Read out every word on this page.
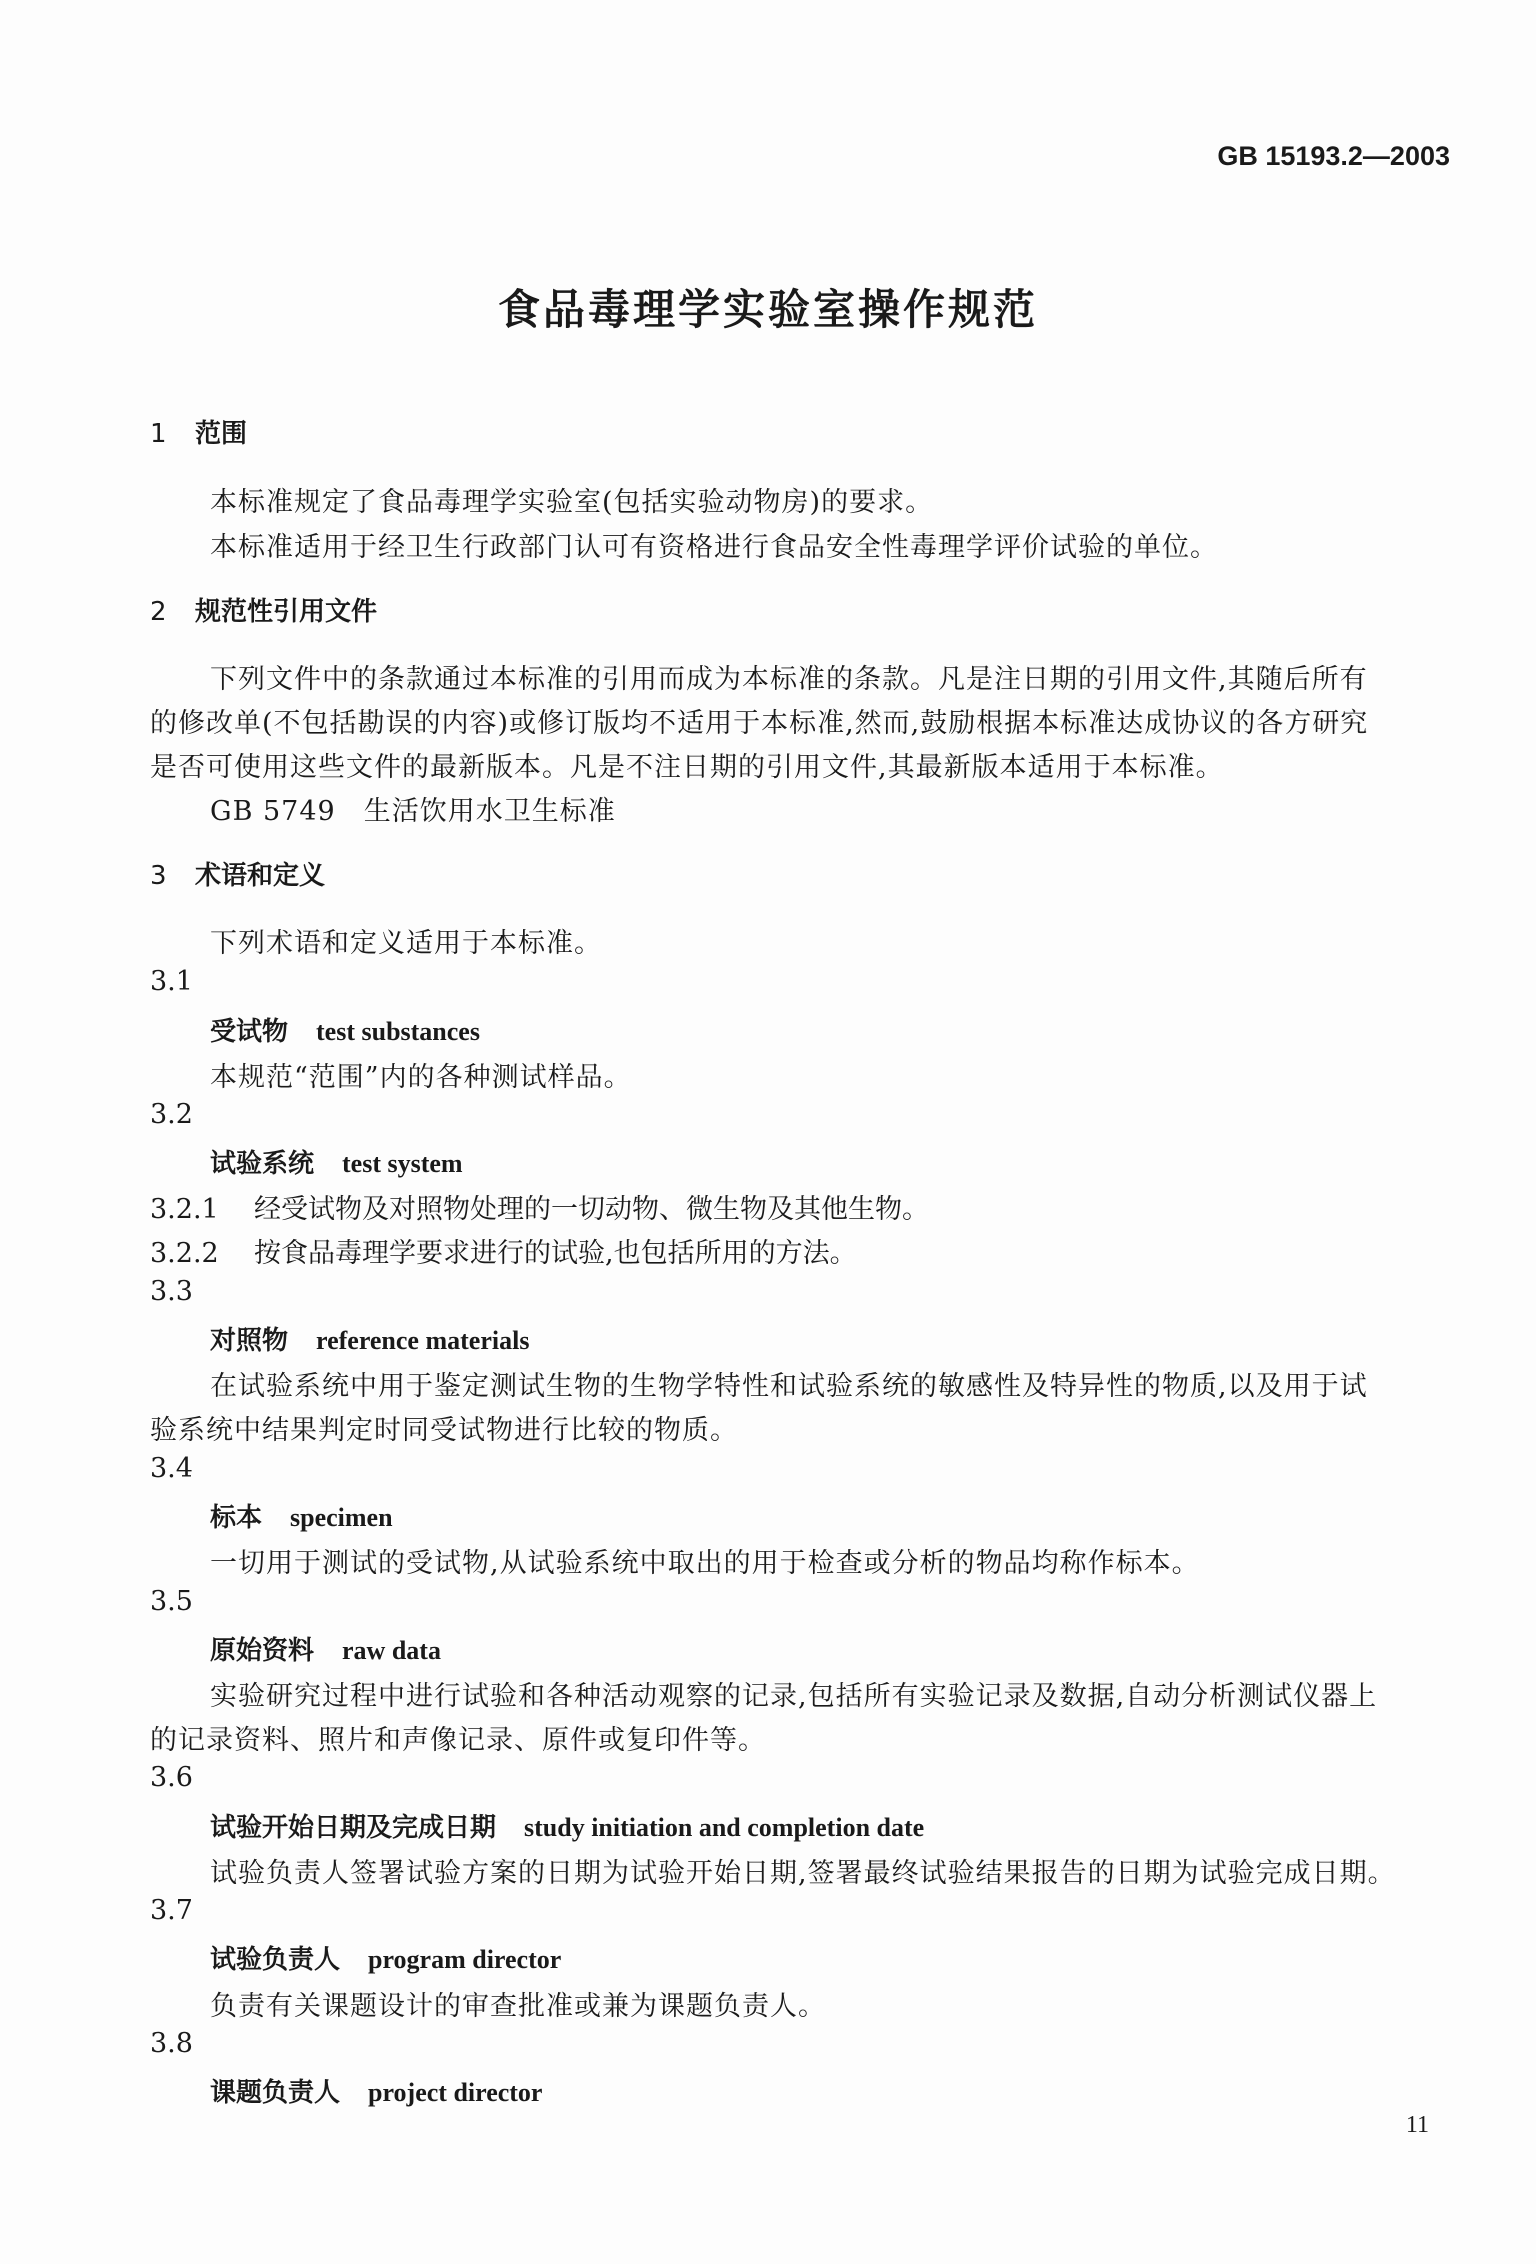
GB 15193.2—2003
食品毒理学实验室操作规范
1 范围
本标准规定了食品毒理学实验室(包括实验动物房)的要求。
本标准适用于经卫生行政部门认可有资格进行食品安全性毒理学评价试验的单位。
2 规范性引用文件
下列文件中的条款通过本标准的引用而成为本标准的条款。凡是注日期的引用文件,其随后所有
的修改单(不包括勘误的内容)或修订版均不适用于本标准,然而,鼓励根据本标准达成协议的各方研究
是否可使用这些文件的最新版本。凡是不注日期的引用文件,其最新版本适用于本标准。
GB 5749 生活饮用水卫生标准
3 术语和定义
下列术语和定义适用于本标准。
3.1
受试物 test substances
本规范“范围”内的各种测试样品。
3.2
试验系统 test system
3.2.1 经受试物及对照物处理的一切动物、微生物及其他生物。
3.2.2 按食品毒理学要求进行的试验,也包括所用的方法。
3.3
对照物 reference materials
在试验系统中用于鉴定测试生物的生物学特性和试验系统的敏感性及特异性的物质,以及用于试
验系统中结果判定时同受试物进行比较的物质。
3.4
标本 specimen
一切用于测试的受试物,从试验系统中取出的用于检查或分析的物品均称作标本。
3.5
原始资料 raw data
实验研究过程中进行试验和各种活动观察的记录,包括所有实验记录及数据,自动分析测试仪器上
的记录资料、照片和声像记录、原件或复印件等。
3.6
试验开始日期及完成日期 study initiation and completion date
试验负责人签署试验方案的日期为试验开始日期,签署最终试验结果报告的日期为试验完成日期。
3.7
试验负责人 program director
负责有关课题设计的审查批准或兼为课题负责人。
3.8
课题负责人 project director
11
